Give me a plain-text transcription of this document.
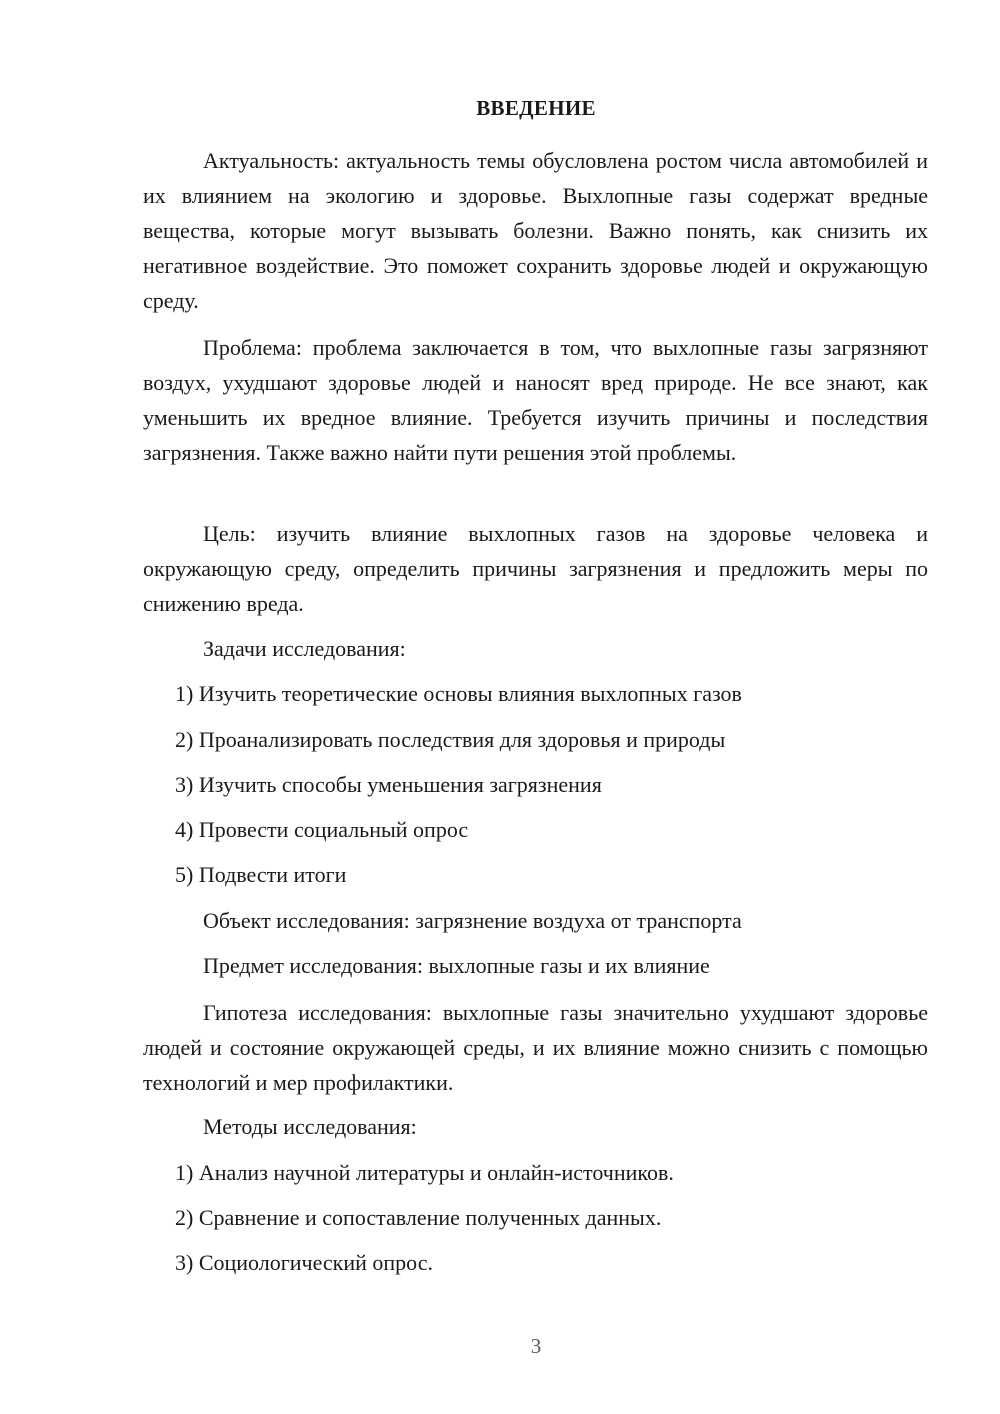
ВВЕДЕНИЕ
Актуальность: актуальность темы обусловлена ростом числа автомобилей и их влиянием на экологию и здоровье. Выхлопные газы содержат вредные вещества, которые могут вызывать болезни. Важно понять, как снизить их негативное воздействие. Это поможет сохранить здоровье людей и окружающую среду.
Проблема: проблема заключается в том, что выхлопные газы загрязняют воздух, ухудшают здоровье людей и наносят вред природе. Не все знают, как уменьшить их вредное влияние. Требуется изучить причины и последствия загрязнения. Также важно найти пути решения этой проблемы.
Цель: изучить влияние выхлопных газов на здоровье человека и окружающую среду, определить причины загрязнения и предложить меры по снижению вреда.
Задачи исследования:
1) Изучить теоретические основы влияния выхлопных газов
2) Проанализировать последствия для здоровья и природы
3) Изучить способы уменьшения загрязнения
4) Провести социальный опрос
5) Подвести итоги
Объект исследования: загрязнение воздуха от транспорта
Предмет исследования: выхлопные газы и их влияние
Гипотеза исследования: выхлопные газы значительно ухудшают здоровье людей и состояние окружающей среды, и их влияние можно снизить с помощью технологий и мер профилактики.
Методы исследования:
1) Анализ научной литературы и онлайн-источников.
2) Сравнение и сопоставление полученных данных.
3) Социологический опрос.
3
